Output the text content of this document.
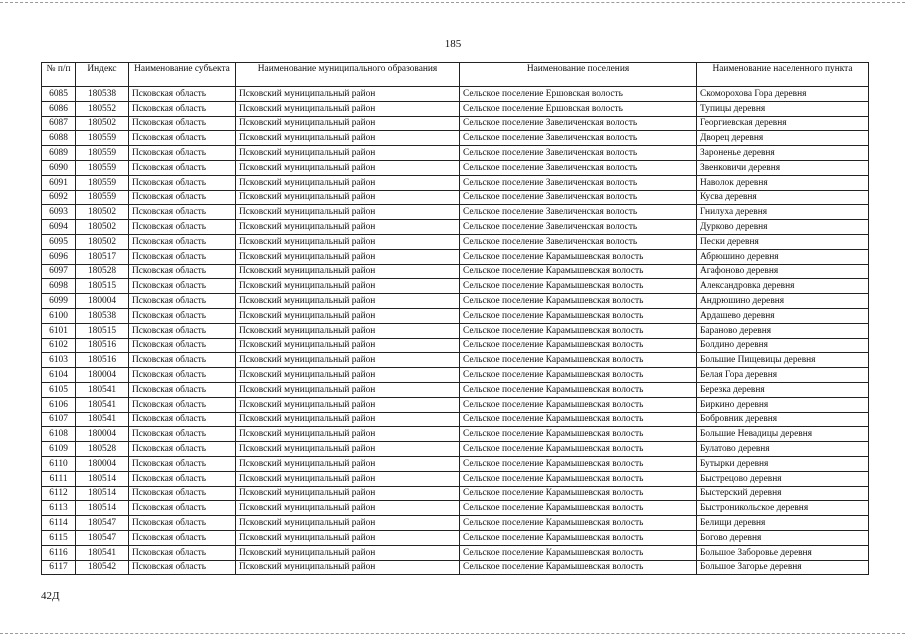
185
№ п/п	Индекс	Наименование субъекта	Наименование муниципального образования	Наименование поселения	Наименование населенного пункта
6085	180538	Псковская область	Псковский муниципальный район	Сельское поселение Ершовская волость	Скоморохова Гора деревня
6086	180552	Псковская область	Псковский муниципальный район	Сельское поселение Ершовская волость	Тупицы деревня
6087	180502	Псковская область	Псковский муниципальный район	Сельское поселение Завеличенская волость	Георгиевская деревня
6088	180559	Псковская область	Псковский муниципальный район	Сельское поселение Завеличенская волость	Дворец деревня
6089	180559	Псковская область	Псковский муниципальный район	Сельское поселение Завеличенская волость	Зароненье деревня
6090	180559	Псковская область	Псковский муниципальный район	Сельское поселение Завеличенская волость	Звенковичи деревня
6091	180559	Псковская область	Псковский муниципальный район	Сельское поселение Завеличенская волость	Наволок деревня
6092	180559	Псковская область	Псковский муниципальный район	Сельское поселение Завеличенская волость	Кусва деревня
6093	180502	Псковская область	Псковский муниципальный район	Сельское поселение Завеличенская волость	Гнилуха деревня
6094	180502	Псковская область	Псковский муниципальный район	Сельское поселение Завеличенская волость	Дурково деревня
6095	180502	Псковская область	Псковский муниципальный район	Сельское поселение Завеличенская волость	Пески деревня
6096	180517	Псковская область	Псковский муниципальный район	Сельское поселение Карамышевская волость	Абрюшино деревня
6097	180528	Псковская область	Псковский муниципальный район	Сельское поселение Карамышевская волость	Агафоново деревня
6098	180515	Псковская область	Псковский муниципальный район	Сельское поселение Карамышевская волость	Александровка деревня
6099	180004	Псковская область	Псковский муниципальный район	Сельское поселение Карамышевская волость	Андрюшино деревня
6100	180538	Псковская область	Псковский муниципальный район	Сельское поселение Карамышевская волость	Ардашево деревня
6101	180515	Псковская область	Псковский муниципальный район	Сельское поселение Карамышевская волость	Бараново деревня
6102	180516	Псковская область	Псковский муниципальный район	Сельское поселение Карамышевская волость	Болдино деревня
6103	180516	Псковская область	Псковский муниципальный район	Сельское поселение Карамышевская волость	Большие Пищевицы деревня
6104	180004	Псковская область	Псковский муниципальный район	Сельское поселение Карамышевская волость	Белая Гора деревня
6105	180541	Псковская область	Псковский муниципальный район	Сельское поселение Карамышевская волость	Березка деревня
6106	180541	Псковская область	Псковский муниципальный район	Сельское поселение Карамышевская волость	Биркино деревня
6107	180541	Псковская область	Псковский муниципальный район	Сельское поселение Карамышевская волость	Бобровник деревня
6108	180004	Псковская область	Псковский муниципальный район	Сельское поселение Карамышевская волость	Большие Невадицы деревня
6109	180528	Псковская область	Псковский муниципальный район	Сельское поселение Карамышевская волость	Булатово деревня
6110	180004	Псковская область	Псковский муниципальный район	Сельское поселение Карамышевская волость	Бутырки деревня
6111	180514	Псковская область	Псковский муниципальный район	Сельское поселение Карамышевская волость	Быстрецово деревня
6112	180514	Псковская область	Псковский муниципальный район	Сельское поселение Карамышевская волость	Быстерский деревня
6113	180514	Псковская область	Псковский муниципальный район	Сельское поселение Карамышевская волость	Быстроникольское деревня
6114	180547	Псковская область	Псковский муниципальный район	Сельское поселение Карамышевская волость	Белищи деревня
6115	180547	Псковская область	Псковский муниципальный район	Сельское поселение Карамышевская волость	Богово деревня
6116	180541	Псковская область	Псковский муниципальный район	Сельское поселение Карамышевская волость	Большое Заборовье деревня
6117	180542	Псковская область	Псковский муниципальный район	Сельское поселение Карамышевская волость	Большое Загорье деревня
42Д
